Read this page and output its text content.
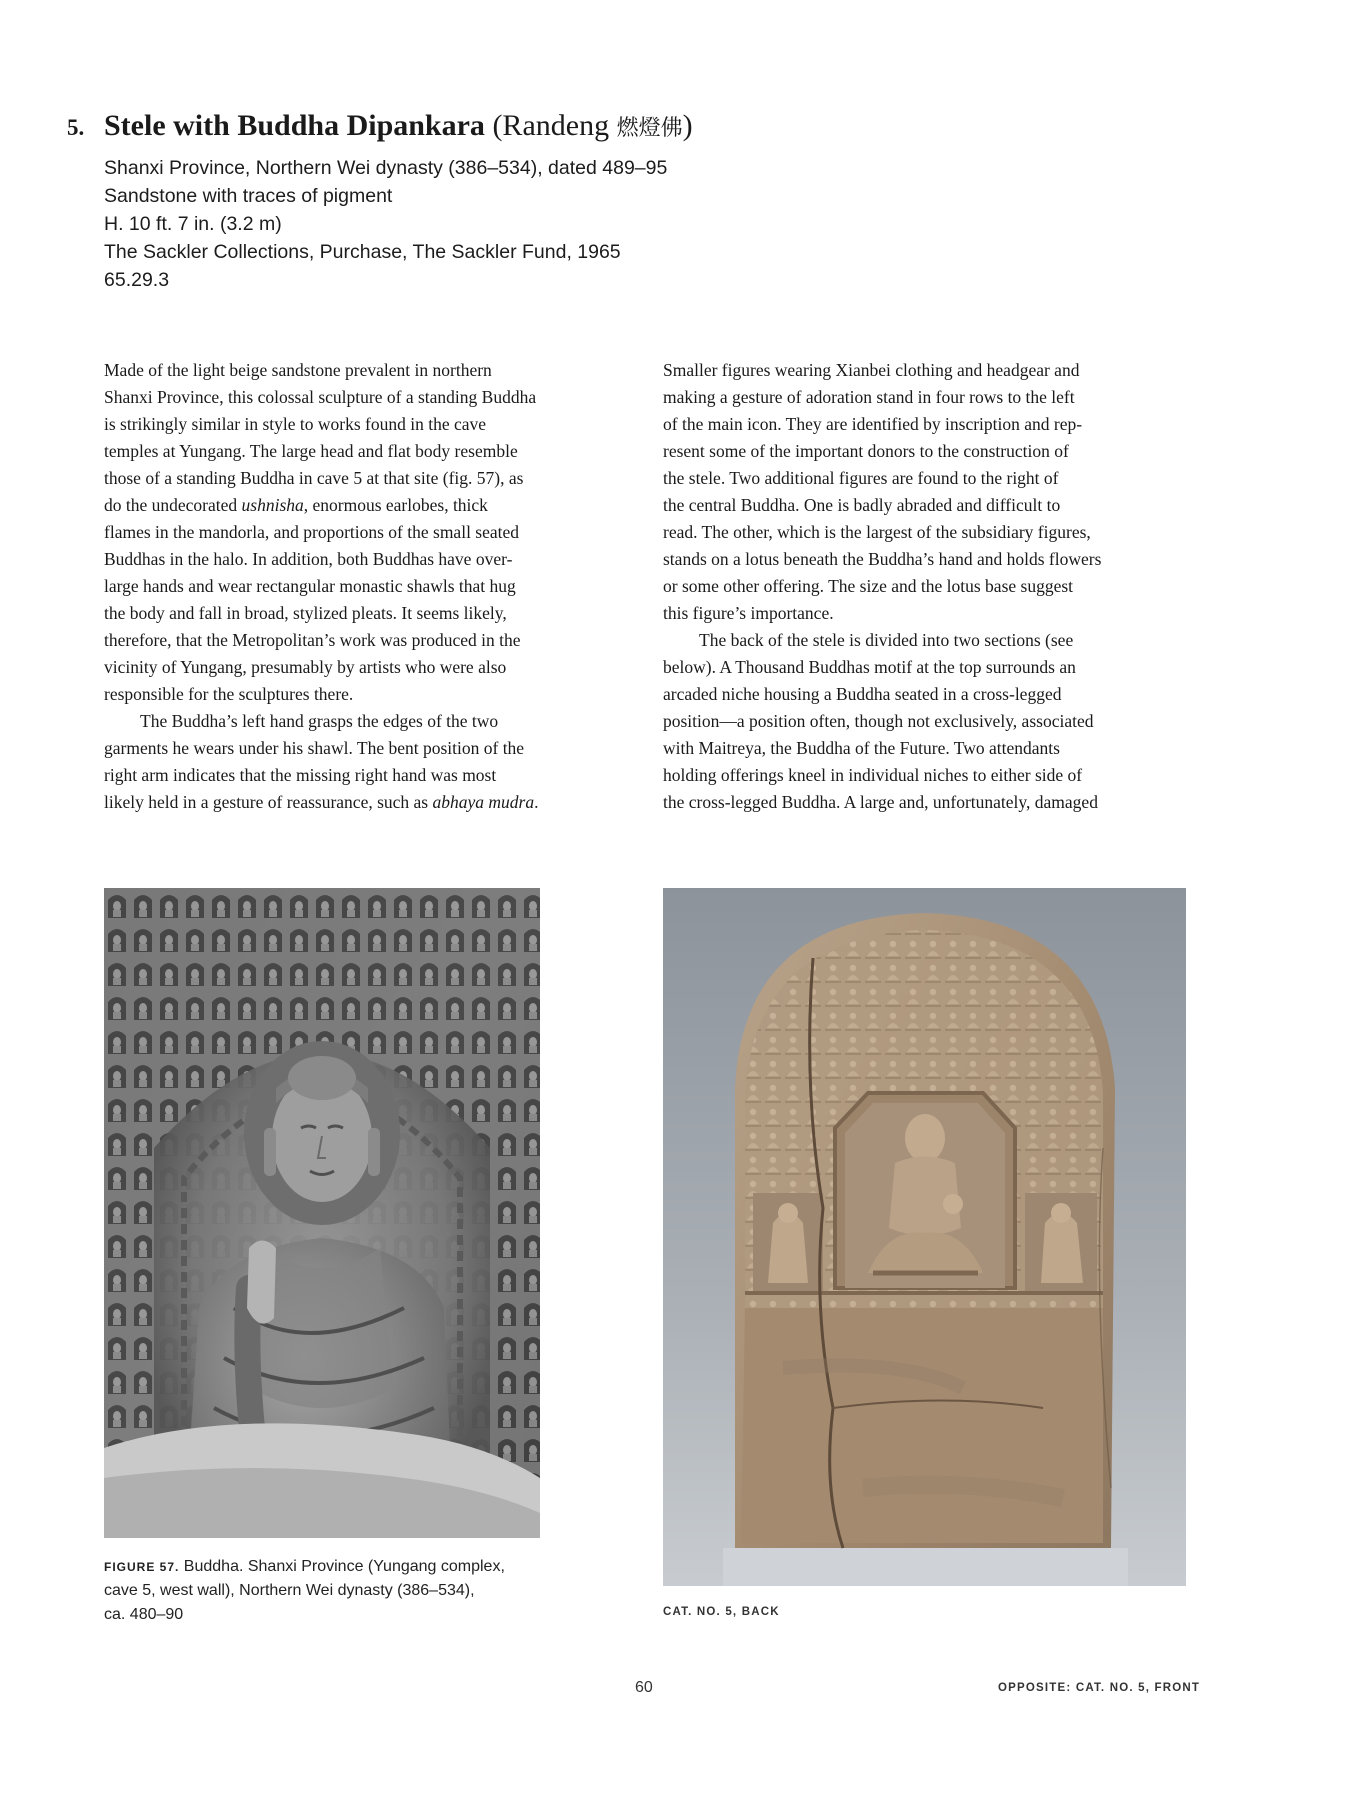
5. Stele with Buddha Dipankara (Randeng 燃燈佛)
Shanxi Province, Northern Wei dynasty (386–534), dated 489–95
Sandstone with traces of pigment
H. 10 ft. 7 in. (3.2 m)
The Sackler Collections, Purchase, The Sackler Fund, 1965
65.29.3

Made of the light beige sandstone prevalent in northern
Shanxi Province, this colossal sculpture of a standing Buddha
is strikingly similar in style to works found in the cave
temples at Yungang. The large head and flat body resemble
those of a standing Buddha in cave 5 at that site (fig. 57), as
do the undecorated ushnisha, enormous earlobes, thick
flames in the mandorla, and proportions of the small seated
Buddhas in the halo. In addition, both Buddhas have over-
large hands and wear rectangular monastic shawls that hug
the body and fall in broad, stylized pleats. It seems likely,
therefore, that the Metropolitan’s work was produced in the
vicinity of Yungang, presumably by artists who were also
responsible for the sculptures there.

The Buddha’s left hand grasps the edges of the two
garments he wears under his shawl. The bent position of the
right arm indicates that the missing right hand was most
likely held in a gesture of reassurance, such as abhaya mudra.

Smaller figures wearing Xianbei clothing and headgear and
making a gesture of adoration stand in four rows to the left
of the main icon. They are identified by inscription and rep-
resent some of the important donors to the construction of
the stele. Two additional figures are found to the right of
the central Buddha. One is badly abraded and difficult to
read. The other, which is the largest of the subsidiary figures,
stands on a lotus beneath the Buddha’s hand and holds flowers
or some other offering. The size and the lotus base suggest
this figure’s importance.

The back of the stele is divided into two sections (see
below). A Thousand Buddhas motif at the top surrounds an
arcaded niche housing a Buddha seated in a cross-legged
position—a position often, though not exclusively, associated
with Maitreya, the Buddha of the Future. Two attendants
holding offerings kneel in individual niches to either side of
the cross-legged Buddha. A large and, unfortunately, damaged

FIGURE 57. Buddha. Shanxi Province (Yungang complex,
cave 5, west wall), Northern Wei dynasty (386–534),
ca. 480–90	CAT. NO. 5, BACK
60	OPPOSITE: CAT. NO. 5, FRONT
